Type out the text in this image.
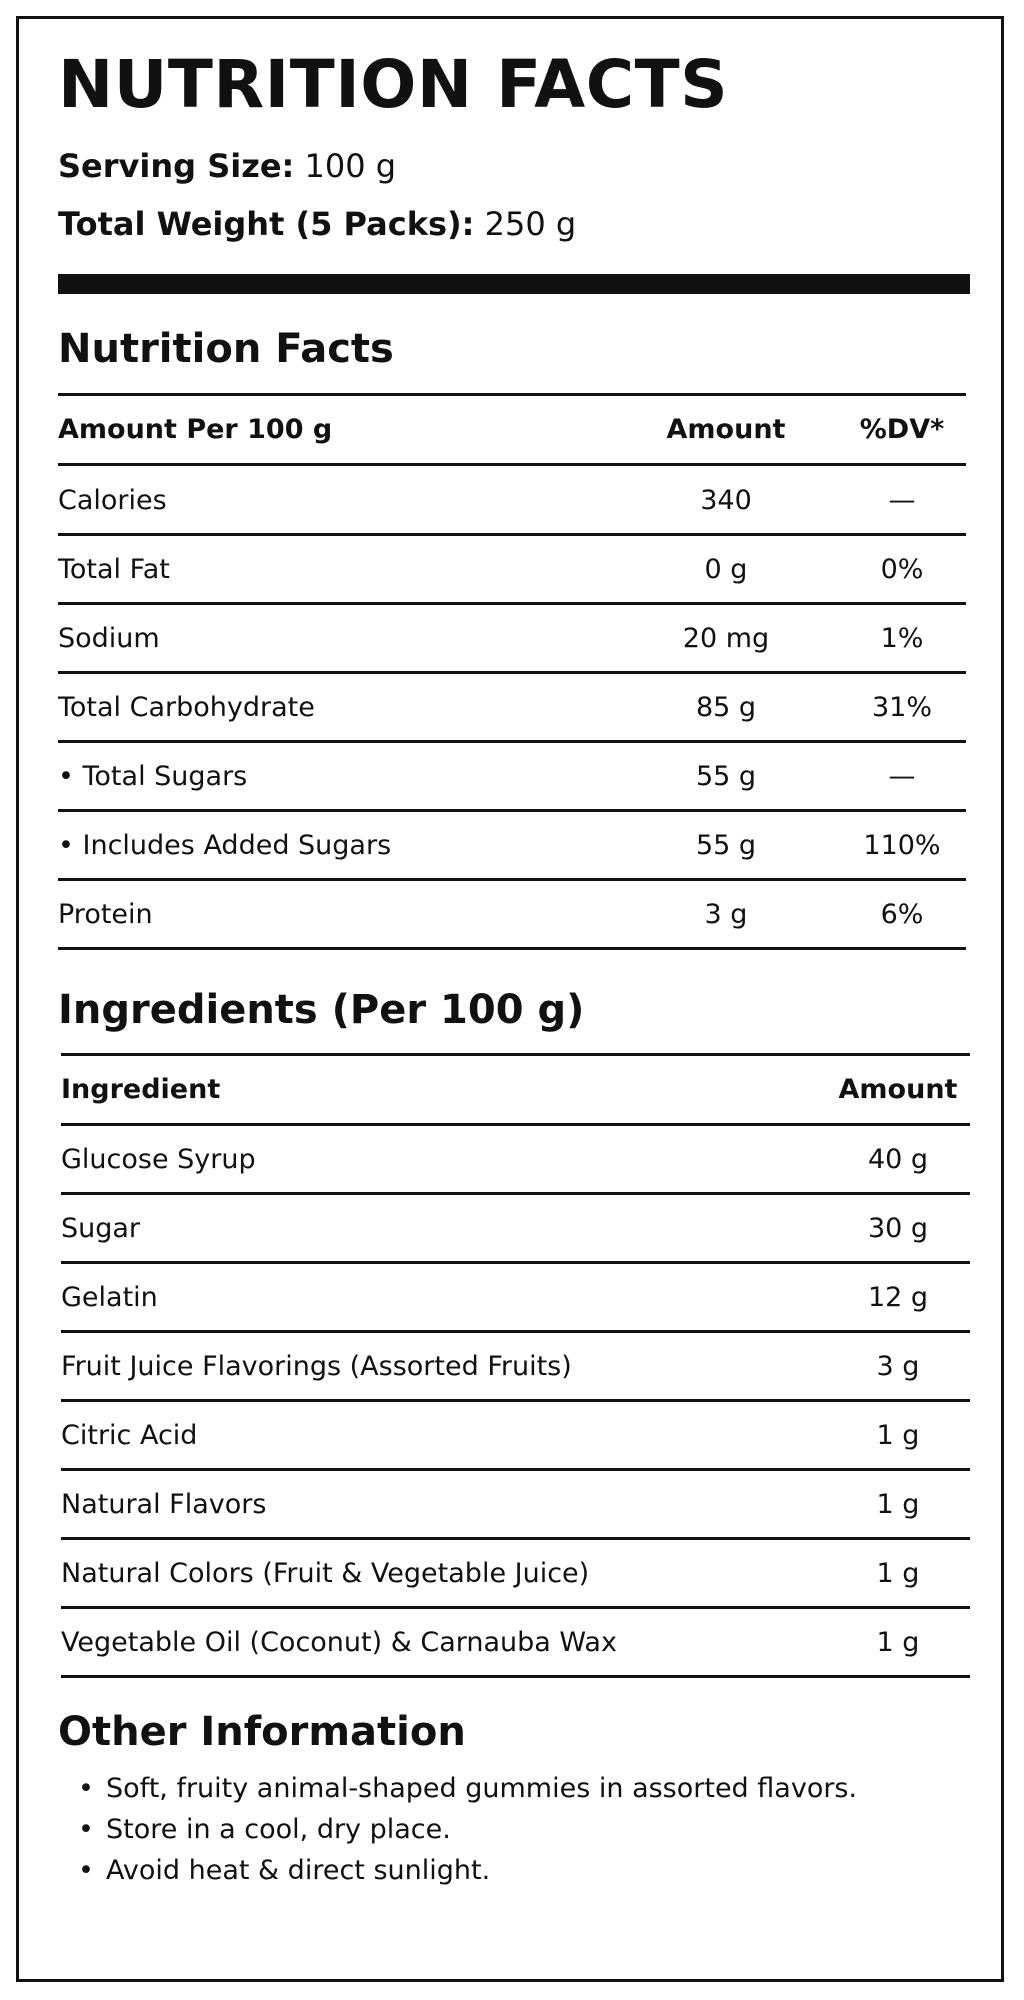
NUTRITION FACTS
Serving Size: 100 g
Total Weight (5 Packs): 250 g
Nutrition Facts
Amount Per 100 g	Amount	%DV*
Calories	340	—
Total Fat	0 g	0%
Sodium	20 mg	1%
Total Carbohydrate	85 g	31%
• Total Sugars	55 g	—
• Includes Added Sugars	55 g	110%
Protein	3 g	6%
Ingredients (Per 100 g)
Ingredient	Amount
Glucose Syrup	40 g
Sugar	30 g
Gelatin	12 g
Fruit Juice Flavorings (Assorted Fruits)	3 g
Citric Acid	1 g
Natural Flavors	1 g
Natural Colors (Fruit & Vegetable Juice)	1 g
Vegetable Oil (Coconut) & Carnauba Wax	1 g
Other Information
• Soft, fruity animal-shaped gummies in assorted flavors.
• Store in a cool, dry place.
• Avoid heat & direct sunlight.
